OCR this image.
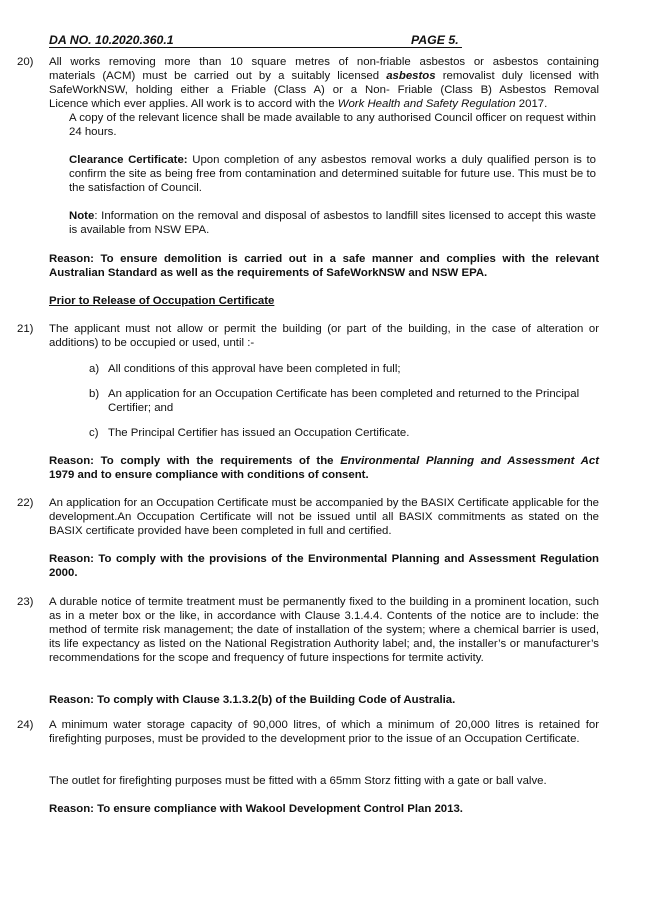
DA NO. 10.2020.360.1	PAGE 5.
20) All works removing more than 10 square metres of non-friable asbestos or asbestos containing
materials (ACM) must be carried out by a suitably licensed asbestos removalist duly licensed with
SafeWorkNSW, holding either a Friable (Class A) or a Non- Friable (Class B) Asbestos Removal
Licence which ever applies. All work is to accord with the Work Health and Safety Regulation 2017.
A copy of the relevant licence shall be made available to any authorised Council officer on request within 24 hours.
Clearance Certificate: Upon completion of any asbestos removal works a duly qualified person is to confirm the site as being free from contamination and determined suitable for future use. This must be to the satisfaction of Council.
Note: Information on the removal and disposal of asbestos to landfill sites licensed to accept this waste is available from NSW EPA.
Reason: To ensure demolition is carried out in a safe manner and complies with the relevant Australian Standard as well as the requirements of SafeWorkNSW and NSW EPA.
Prior to Release of Occupation Certificate
21) The applicant must not allow or permit the building (or part of the building, in the case of alteration or additions) to be occupied or used, until :-
a) All conditions of this approval have been completed in full;
b) An application for an Occupation Certificate has been completed and returned to the Principal Certifier; and
c) The Principal Certifier has issued an Occupation Certificate.
Reason: To comply with the requirements of the Environmental Planning and Assessment Act
1979 and to ensure compliance with conditions of consent.
22) An application for an Occupation Certificate must be accompanied by the BASIX Certificate applicable for the development.An Occupation Certificate will not be issued until all BASIX commitments as stated on the BASIX certificate provided have been completed in full and certified.
Reason: To comply with the provisions of the Environmental Planning and Assessment Regulation 2000.
23) A durable notice of termite treatment must be permanently fixed to the building in a prominent location, such as in a meter box or the like, in accordance with Clause 3.1.4.4. Contents of the notice are to include: the method of termite risk management; the date of installation of the system; where a chemical barrier is used, its life expectancy as listed on the National Registration Authority label; and, the installer’s or manufacturer’s recommendations for the scope and frequency of future inspections for termite activity.
Reason: To comply with Clause 3.1.3.2(b) of the Building Code of Australia.
24) A minimum water storage capacity of 90,000 litres, of which a minimum of 20,000 litres is retained for firefighting purposes, must be provided to the development prior to the issue of an Occupation Certificate.
The outlet for firefighting purposes must be fitted with a 65mm Storz fitting with a gate or ball valve.
Reason: To ensure compliance with Wakool Development Control Plan 2013.
